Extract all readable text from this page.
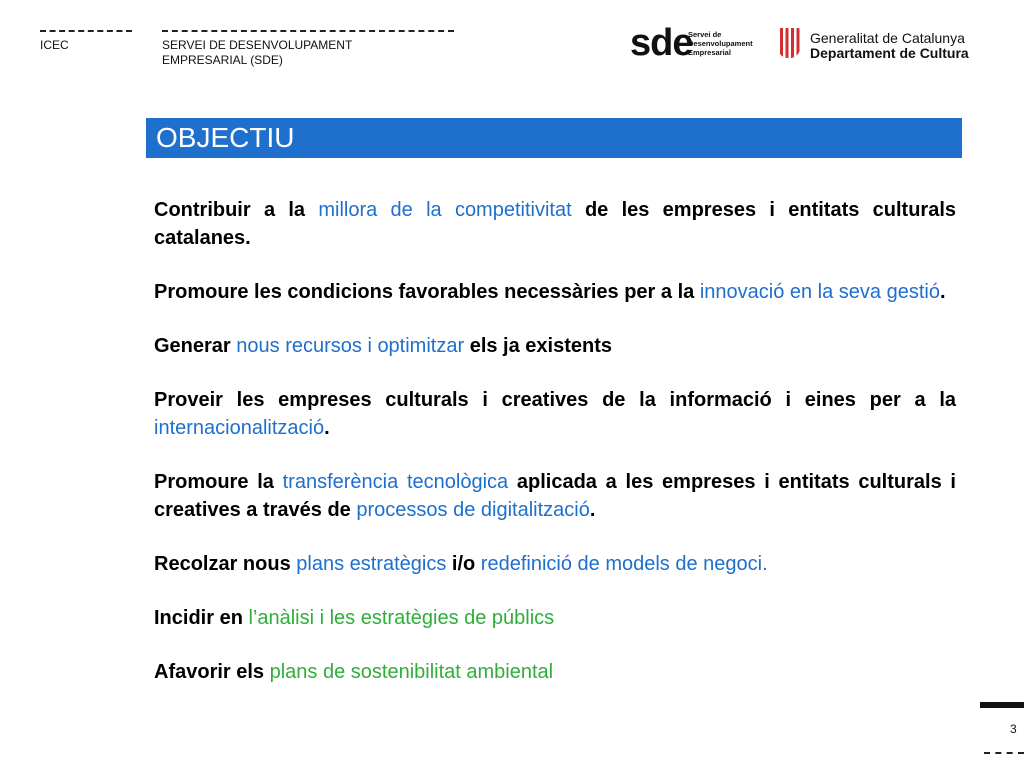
ICEC	SERVEI DE DESENVOLUPAMENT
EMPRESARIAL (SDE)	sde
Servei de
Desenvolupament
Empresarial
Generalitat de Catalunya
Departament de Cultura
OBJECTIU

Contribuir a la millora de la competitivitat de les empreses i entitats culturals catalanes.

Promoure les condicions favorables necessàries per a la innovació en la seva gestió.

Generar nous recursos i optimitzar els ja existents

Proveir les empreses culturals i creatives de la informació i eines per a la internacionalització.

Promoure la transferència tecnològica aplicada a les empreses i entitats culturals i creatives a través de processos de digitalització.

Recolzar nous plans estratègics i/o redefinició de models de negoci.

Incidir en l’anàlisi i les estratègies de públics

Afavorir els plans de sostenibilitat ambiental

3
